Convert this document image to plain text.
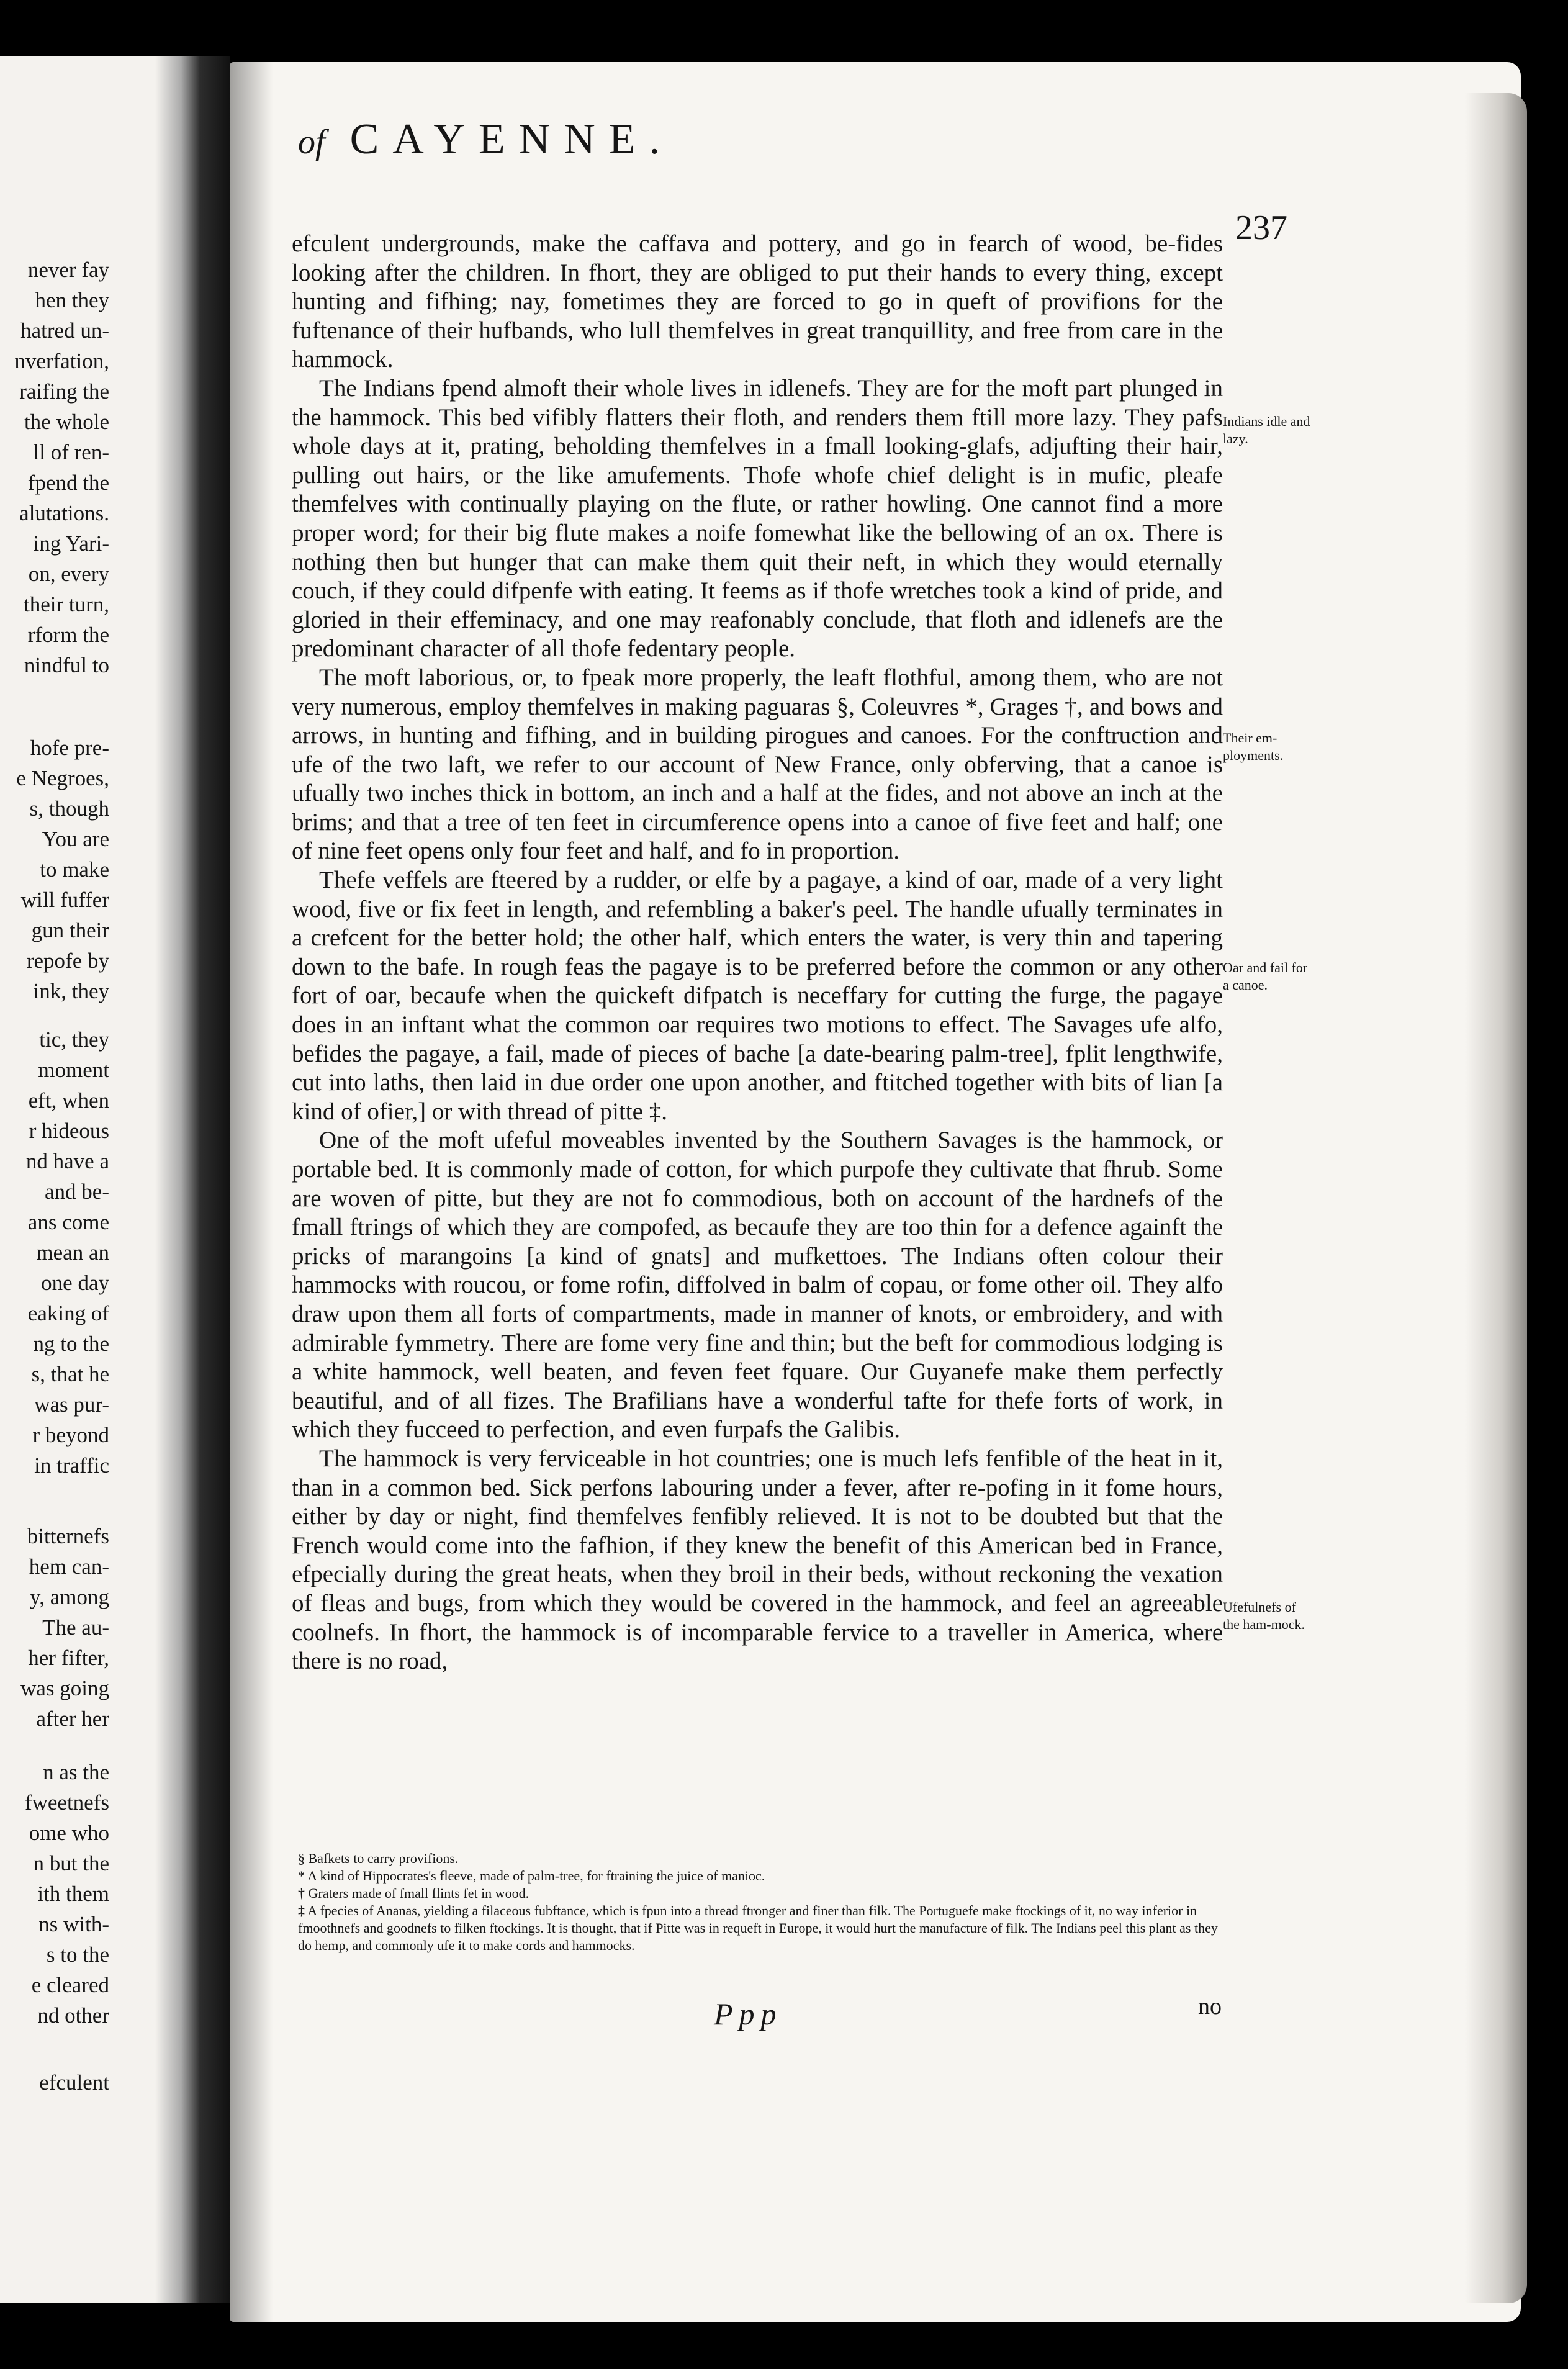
never fay
hen they
hatred un-
nverfation,
raifing the
the whole
ll of ren-
fpend the
alutations.
ing Yari-
on, every
their turn,
rform the
nindful to
hofe pre-
e Negroes,
s, though
You are
to make
will fuffer
gun their
repofe by
ink, they
tic, they
moment
eft, when
r hideous
nd have a
and be-
ans come
mean an
one day
eaking of
ng to the
s, that he
was pur-
r beyond
in traffic
bitternefs
hem can-
y, among
The au-
her fifter,
was going
after her
n as the
fweetnefs
ome who
n but the
ith them
ns with-
s to the
e cleared
nd other
efculent
of CAYENNE.
237

efculent undergrounds, make the caffava and pottery, and go in fearch of wood, be-fides looking after the children. In fhort, they are obliged to put their hands to every thing, except hunting and fifhing; nay, fometimes they are forced to go in queft of provifions for the fuftenance of their hufbands, who lull themfelves in great tranquillity, and free from care in the hammock.

The Indians fpend almoft their whole lives in idlenefs. They are for the moft part plunged in the hammock. This bed vifibly flatters their floth, and renders them ftill more lazy. They pafs whole days at it, prating, beholding themfelves in a fmall looking-glafs, adjufting their hair, pulling out hairs, or the like amufements. Thofe whofe chief delight is in mufic, pleafe themfelves with continually playing on the flute, or rather howling. One cannot find a more proper word; for their big flute makes a noife fomewhat like the bellowing of an ox. There is nothing then but hunger that can make them quit their neft, in which they would eternally couch, if they could difpenfe with eating. It feems as if thofe wretches took a kind of pride, and gloried in their effeminacy, and one may reafonably conclude, that floth and idlenefs are the predominant character of all thofe fedentary people.

The moft laborious, or, to fpeak more properly, the leaft flothful, among them, who are not very numerous, employ themfelves in making paguaras §, Coleuvres *, Grages †, and bows and arrows, in hunting and fifhing, and in building pirogues and canoes. For the conftruction and ufe of the two laft, we refer to our account of New France, only obferving, that a canoe is ufually two inches thick in bottom, an inch and a half at the fides, and not above an inch at the brims; and that a tree of ten feet in circumference opens into a canoe of five feet and half; one of nine feet opens only four feet and half, and fo in proportion.

Thefe veffels are fteered by a rudder, or elfe by a pagaye, a kind of oar, made of a very light wood, five or fix feet in length, and refembling a baker's peel. The handle ufually terminates in a crefcent for the better hold; the other half, which enters the water, is very thin and tapering down to the bafe. In rough feas the pagaye is to be preferred before the common or any other fort of oar, becaufe when the quickeft difpatch is neceffary for cutting the furge, the pagaye does in an inftant what the common oar requires two motions to effect. The Savages ufe alfo, befides the pagaye, a fail, made of pieces of bache [a date-bearing palm-tree], fplit lengthwife, cut into laths, then laid in due order one upon another, and ftitched together with bits of lian [a kind of ofier,] or with thread of pitte ‡.

One of the moft ufeful moveables invented by the Southern Savages is the hammock, or portable bed. It is commonly made of cotton, for which purpofe they cultivate that fhrub. Some are woven of pitte, but they are not fo commodious, both on account of the hardnefs of the fmall ftrings of which they are compofed, as becaufe they are too thin for a defence againft the pricks of marangoins [a kind of gnats] and mufkettoes. The Indians often colour their hammocks with roucou, or fome rofin, diffolved in balm of copau, or fome other oil. They alfo draw upon them all forts of compartments, made in manner of knots, or embroidery, and with admirable fymmetry. There are fome very fine and thin; but the beft for commodious lodging is a white hammock, well beaten, and feven feet fquare. Our Guyanefe make them perfectly beautiful, and of all fizes. The Brafilians have a wonderful tafte for thefe forts of work, in which they fucceed to perfection, and even furpafs the Galibis.

The hammock is very ferviceable in hot countries; one is much lefs fenfible of the heat in it, than in a common bed. Sick perfons labouring under a fever, after re-pofing in it fome hours, either by day or night, find themfelves fenfibly relieved. It is not to be doubted but that the French would come into the fafhion, if they knew the benefit of this American bed in France, efpecially during the great heats, when they broil in their beds, without reckoning the vexation of fleas and bugs, from which they would be covered in the hammock, and feel an agreeable coolnefs. In fhort, the hammock is of incomparable fervice to a traveller in America, where there is no road,

Indians idle and lazy.
Their em-ployments.
Oar and fail for a canoe.
Ufefulnefs of the ham-mock.

§ Bafkets to carry provifions.

* A kind of Hippocrates's fleeve, made of palm-tree, for ftraining the juice of manioc.

† Graters made of fmall flints fet in wood.

‡ A fpecies of Ananas, yielding a filaceous fubftance, which is fpun into a thread ftronger and finer than filk. The Portuguefe make ftockings of it, no way inferior in fmoothnefs and goodnefs to filken ftockings. It is thought, that if Pitte was in requeft in Europe, it would hurt the manufacture of filk. The Indians peel this plant as they do hemp, and commonly ufe it to make cords and hammocks.

Ppp	no
